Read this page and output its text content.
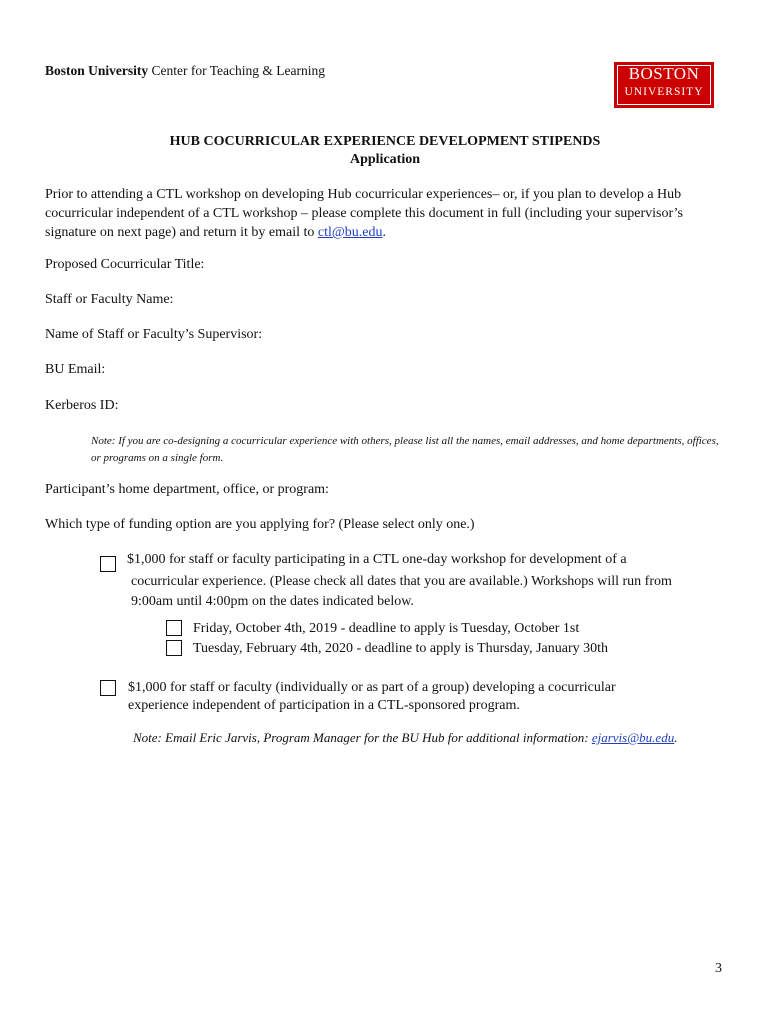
Boston University Center for Teaching & Learning	BOSTON
UNIVERSITY
HUB COCURRICULAR EXPERIENCE DEVELOPMENT STIPENDS
Application
Prior to attending a CTL workshop on developing Hub cocurricular experiences– or, if you plan to develop a Hub cocurricular independent of a CTL workshop – please complete this document in full (including your supervisor’s signature on next page) and return it by email to ctl@bu.edu.
Proposed Cocurricular Title:
Staff or Faculty Name:
Name of Staff or Faculty’s Supervisor:
BU Email:
Kerberos ID:
Note: If you are co-designing a cocurricular experience with others, please list all the names, email addresses, and home departments, offices, or programs on a single form.
Participant’s home department, office, or program:
Which type of funding option are you applying for? (Please select only one.)
$1,000 for staff or faculty participating in a CTL one-day workshop for development of a
cocurricular experience. (Please check all dates that you are available.) Workshops will run from
9:00am until 4:00pm on the dates indicated below.
Friday, October 4th, 2019 - deadline to apply is Tuesday, October 1st
Tuesday, February 4th, 2020 - deadline to apply is Thursday, January 30th
$1,000 for staff or faculty (individually or as part of a group) developing a cocurricular
experience independent of participation in a CTL-sponsored program.
Note: Email Eric Jarvis, Program Manager for the BU Hub for additional information: ejarvis@bu.edu.
3
